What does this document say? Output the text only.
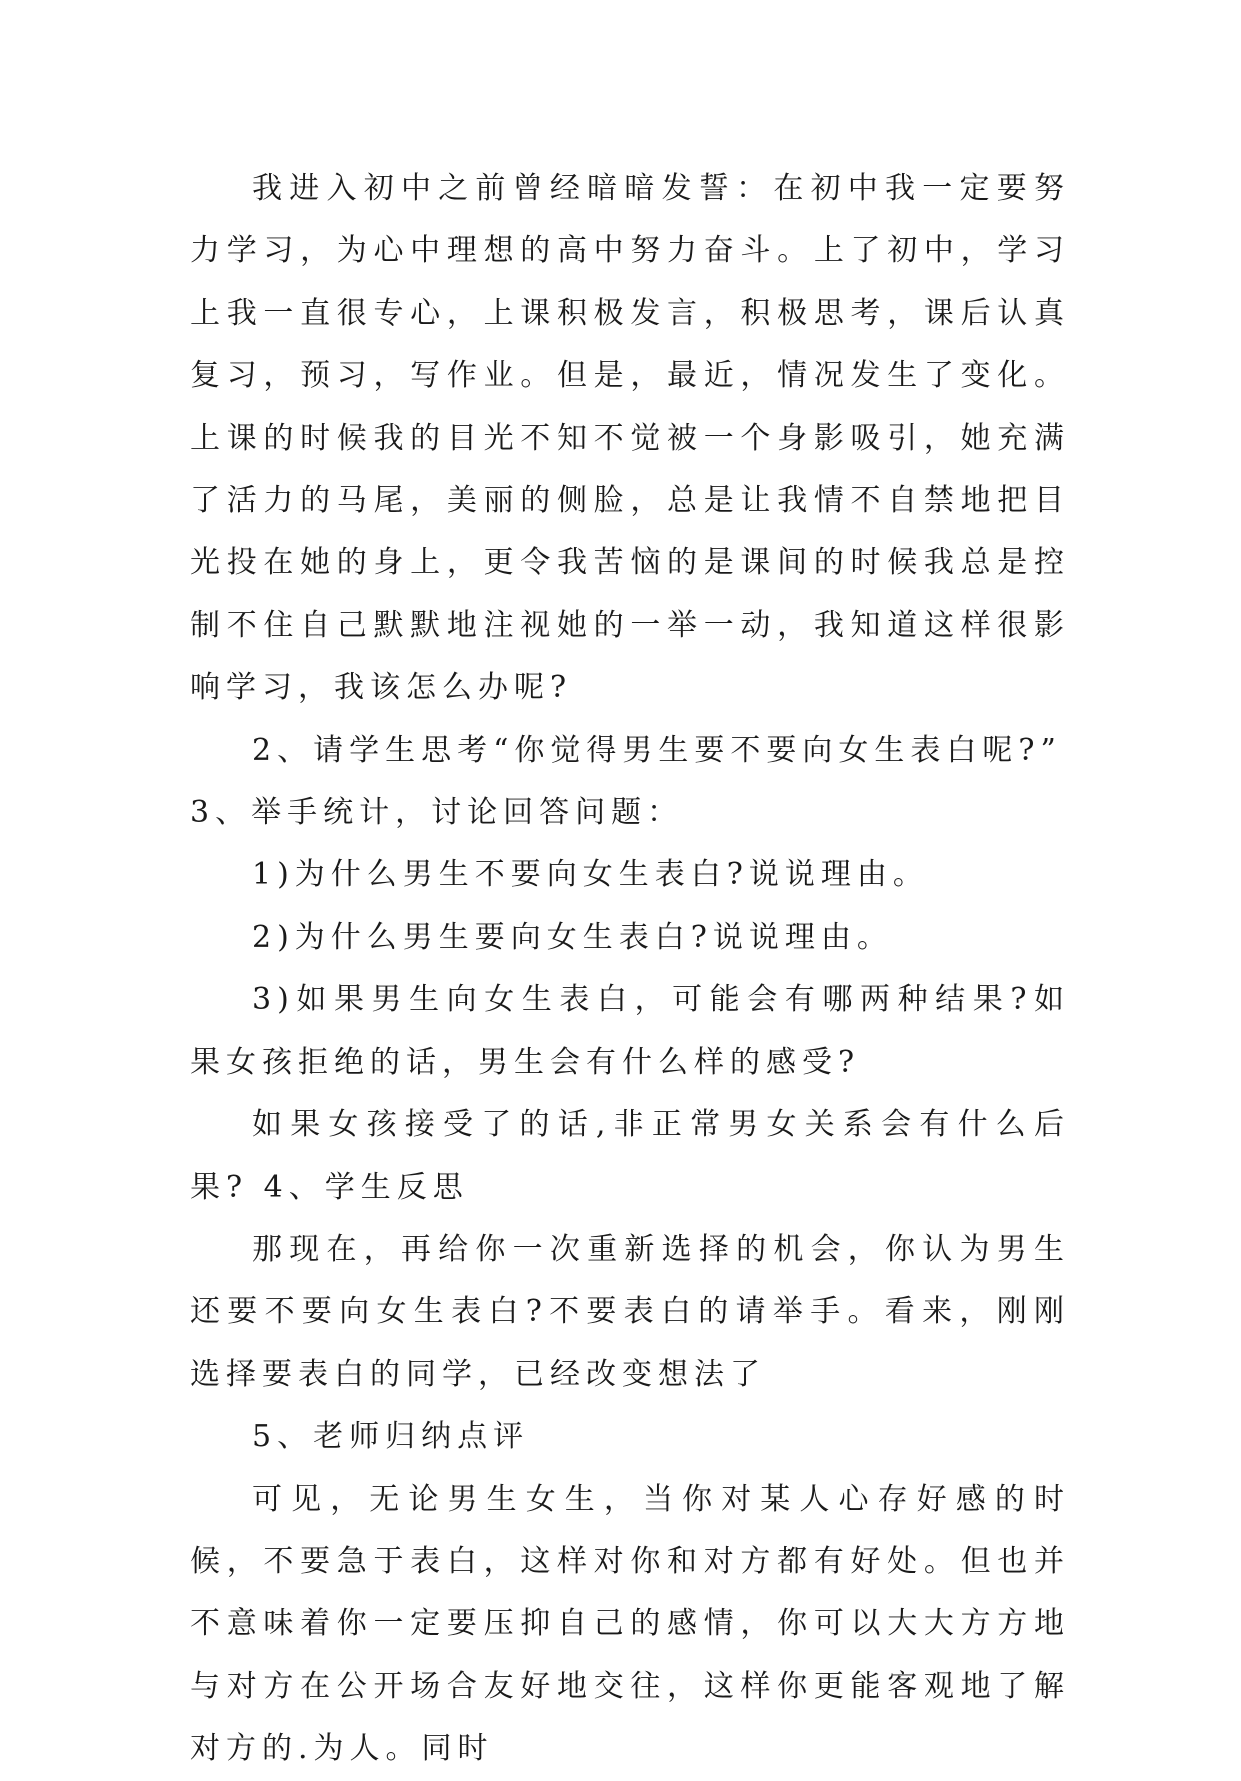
我进入初中之前曾经暗暗发誓：在初中我一定要努力学习，为心中理想的高中努力奋斗。上了初中，学习上我一直很专心，上课积极发言，积极思考，课后认真复习，预习，写作业。但是，最近，情况发生了变化。上课的时候我的目光不知不觉被一个身影吸引，她充满了活力的马尾，美丽的侧脸，总是让我情不自禁地把目光投在她的身上，更令我苦恼的是课间的时候我总是控制不住自己默默地注视她的一举一动，我知道这样很影响学习，我该怎么办呢?

2、请学生思考“你觉得男生要不要向女生表白呢?”

3、举手统计，讨论回答问题：

1)为什么男生不要向女生表白?说说理由。

2)为什么男生要向女生表白?说说理由。

3)如果男生向女生表白，可能会有哪两种结果?如果女孩拒绝的话，男生会有什么样的感受?

如果女孩接受了的话,非正常男女关系会有什么后果? 4、学生反思

那现在，再给你一次重新选择的机会，你认为男生还要不要向女生表白?不要表白的请举手。看来，刚刚选择要表白的同学，已经改变想法了

5、老师归纳点评

可见，无论男生女生，当你对某人心存好感的时候，不要急于表白，这样对你和对方都有好处。但也并不意味着你一定要压抑自己的感情，你可以大大方方地与对方在公开场合友好地交往，这样你更能客观地了解对方的.为人。同时
